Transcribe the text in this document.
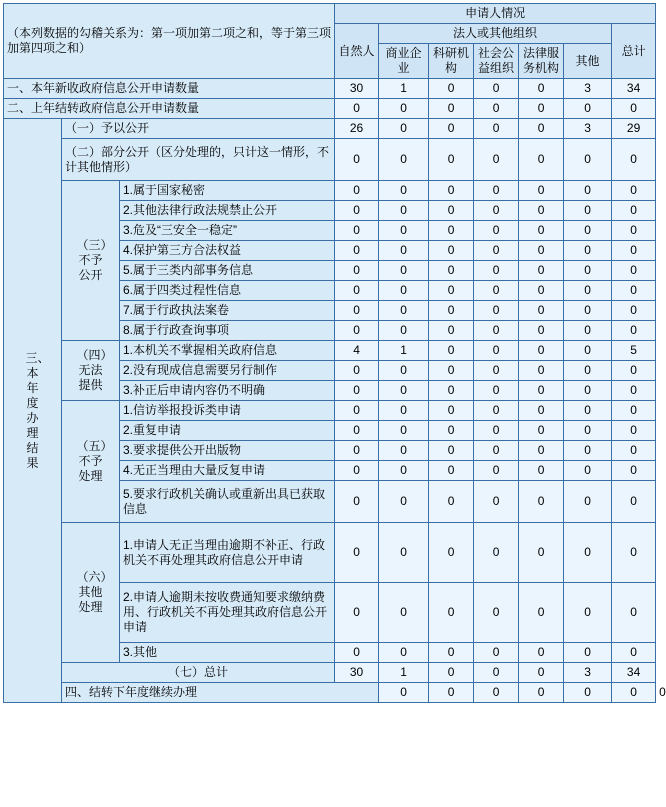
（本列数据的勾稽关系为：第一项加第二项之和，等于第三项加第四项之和）			申请人情况							
			自然人	法人或其他组织					总计	
				商业企业	科研机构	社会公益组织	法律服务机构	其他		
一、本年新收政府信息公开申请数量			30	1	0	0	0	3	34	
二、上年结转政府信息公开申请数量			0	0	0	0	0	0	0	

三、本年度办理结果	（一）予以公开		26	0	0	0	0	3	29	
	（二）部分公开（区分处理的，只计这一情形，不计其他情形）		0	0	0	0	0	0	0	

	（三）不予公开	1.属于国家秘密	0	0	0	0	0	0	0	
		2.其他法律行政法规禁止公开	0	0	0	0	0	0	0	
		3.危及“三安全一稳定”	0	0	0	0	0	0	0	
		4.保护第三方合法权益	0	0	0	0	0	0	0	
		5.属于三类内部事务信息	0	0	0	0	0	0	0	
		6.属于四类过程性信息	0	0	0	0	0	0	0	
		7.属于行政执法案卷	0	0	0	0	0	0	0	
		8.属于行政查询事项	0	0	0	0	0	0	0	

	（四）无法提供	1.本机关不掌握相关政府信息	4	1	0	0	0	0	5	
		2.没有现成信息需要另行制作	0	0	0	0	0	0	0	
		3.补正后申请内容仍不明确	0	0	0	0	0	0	0	

	（五）不予处理	1.信访举报投诉类申请	0	0	0	0	0	0	0	
		2.重复申请	0	0	0	0	0	0	0	
		3.要求提供公开出版物	0	0	0	0	0	0	0	
		4.无正当理由大量反复申请	0	0	0	0	0	0	0	
		5.要求行政机关确认或重新出具已获取信息	0	0	0	0	0	0	0	

	（六）其他处理	1.申请人无正当理由逾期不补正、行政机关不再处理其政府信息公开申请	0	0	0	0	0	0	0	
		2.申请人逾期未按收费通知要求缴纳费用、行政机关不再处理其政府信息公开申请	0	0	0	0	0	0	0	
		3.其他	0	0	0	0	0	0	0	
	（七）总计		30	1	0	0	0	3	34	
	四、结转下年度继续办理			0	0	0	0	0	0	0
